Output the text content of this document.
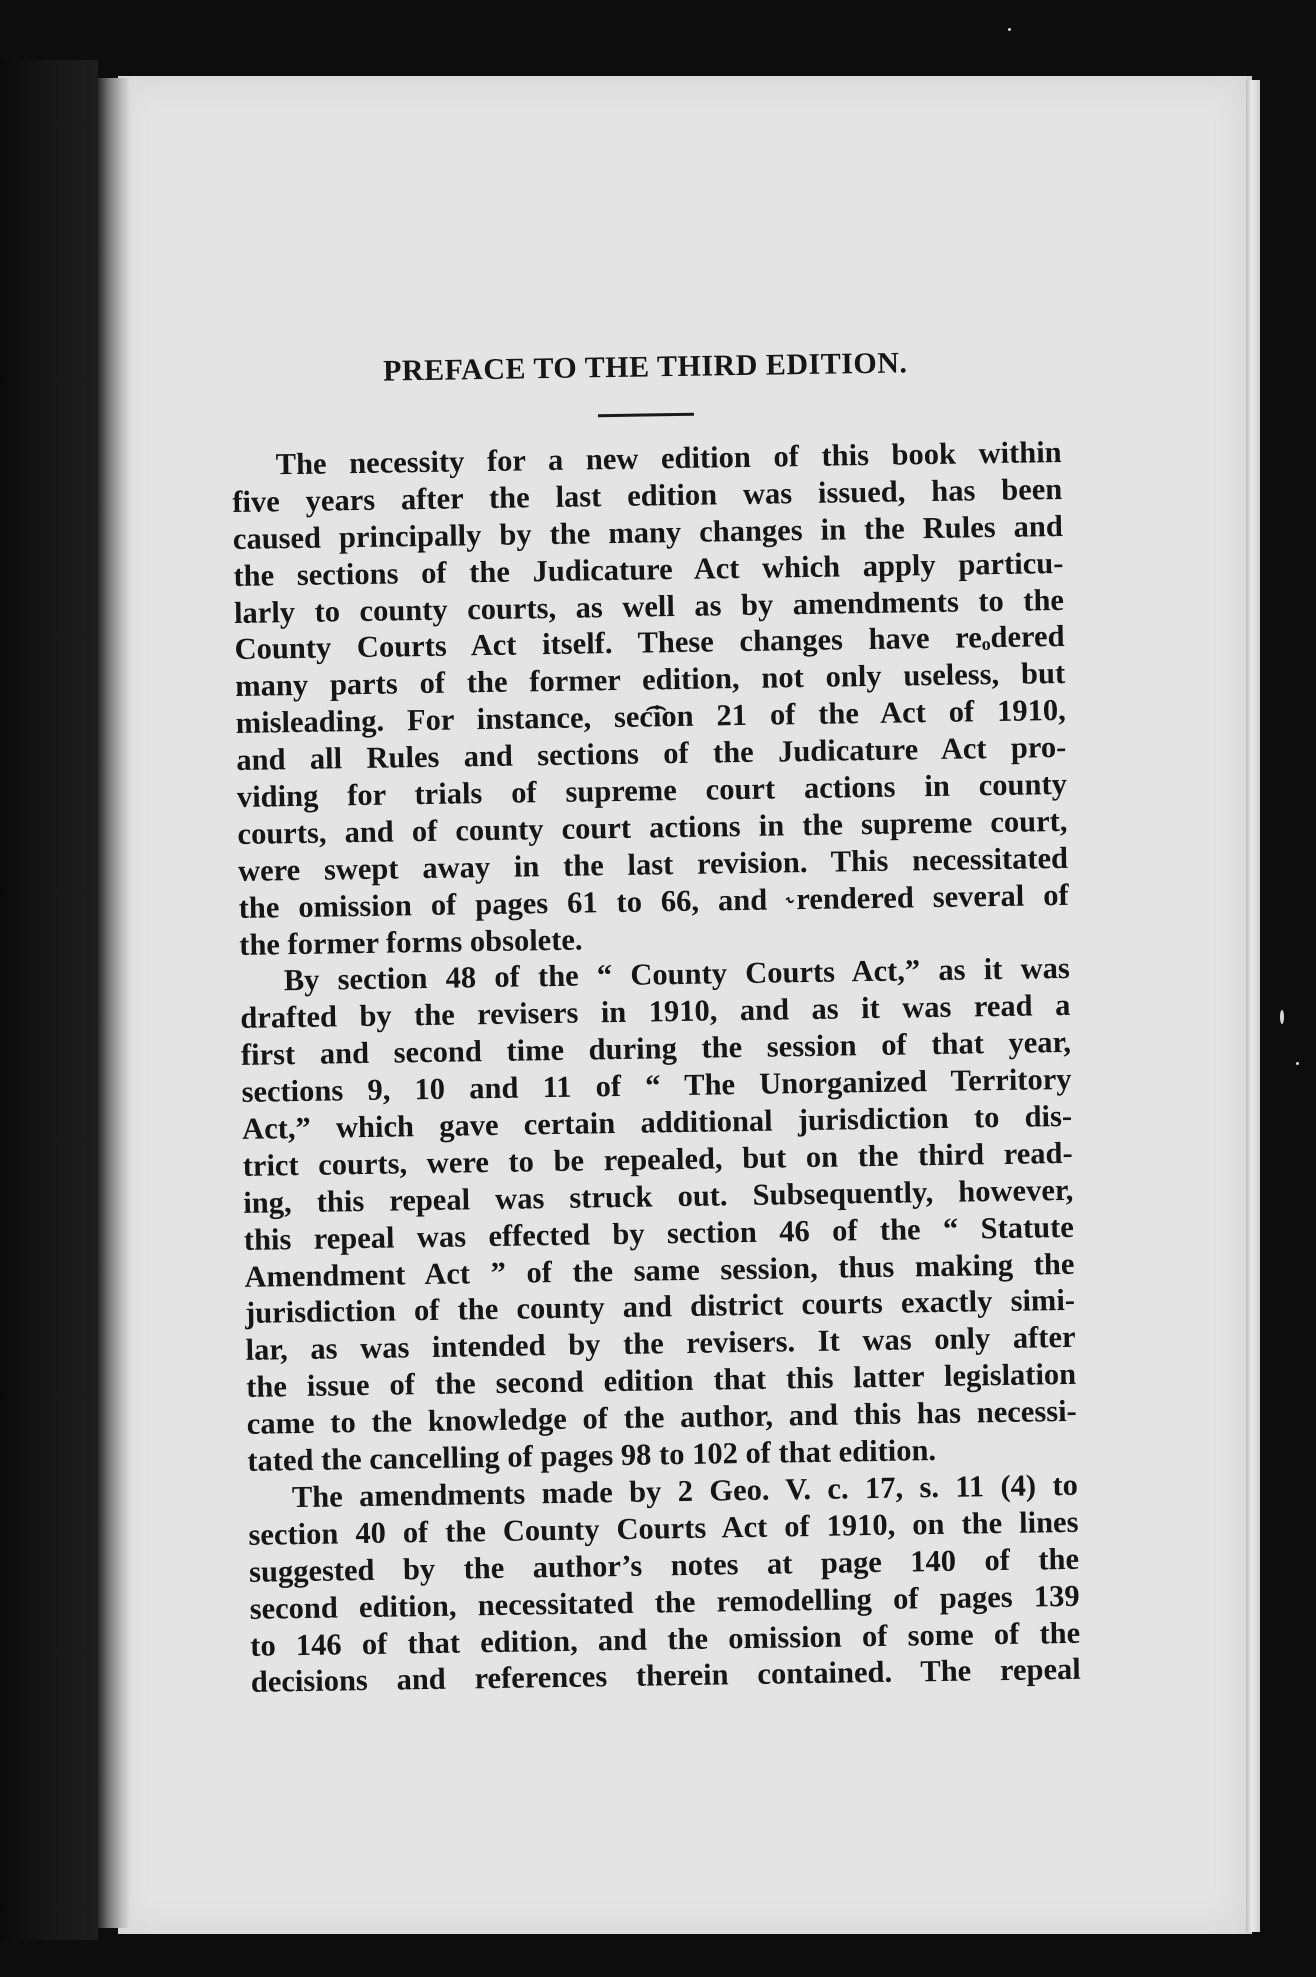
PREFACE TO THE THIRD EDITION.
The necessity for a new edition of this book within
five years after the last edition was issued, has been
caused principally by the many changes in the Rules and
the sections of the Judicature Act which apply particu-
larly to county courts, as well as by amendments to the
County Courts Act itself. These changes have reₒdered
many parts of the former edition, not only useless, but
misleading. For instance, sec͡ion 21 of the Act of 1910,
and all Rules and sections of the Judicature Act pro-
viding for trials of supreme court actions in county
courts, and of county court actions in the supreme court,
were swept away in the last revision. This necessitated
the omission of pages 61 to 66, and ˞rendered several of
the former forms obsolete.
By section 48 of the “ County Courts Act,” as it was
drafted by the revisers in 1910, and as it was read a
first and second time during the session of that year,
sections 9, 10 and 11 of “ The Unorganized Territory
Act,” which gave certain additional jurisdiction to dis-
trict courts, were to be repealed, but on the third read-
ing, this repeal was struck out. Subsequently, however,
this repeal was effected by section 46 of the “ Statute
Amendment Act ” of the same session, thus making the
jurisdiction of the county and district courts exactly simi-
lar, as was intended by the revisers. It was only after
the issue of the second edition that this latter legislation
came to the knowledge of the author, and this has necessi-
tated the cancelling of pages 98 to 102 of that edition.
The amendments made by 2 Geo. V. c. 17, s. 11 (4) to
section 40 of the County Courts Act of 1910, on the lines
suggested by the author’s notes at page 140 of the
second edition, necessitated the remodelling of pages 139
to 146 of that edition, and the omission of some of the
decisions and references therein contained. The repeal
